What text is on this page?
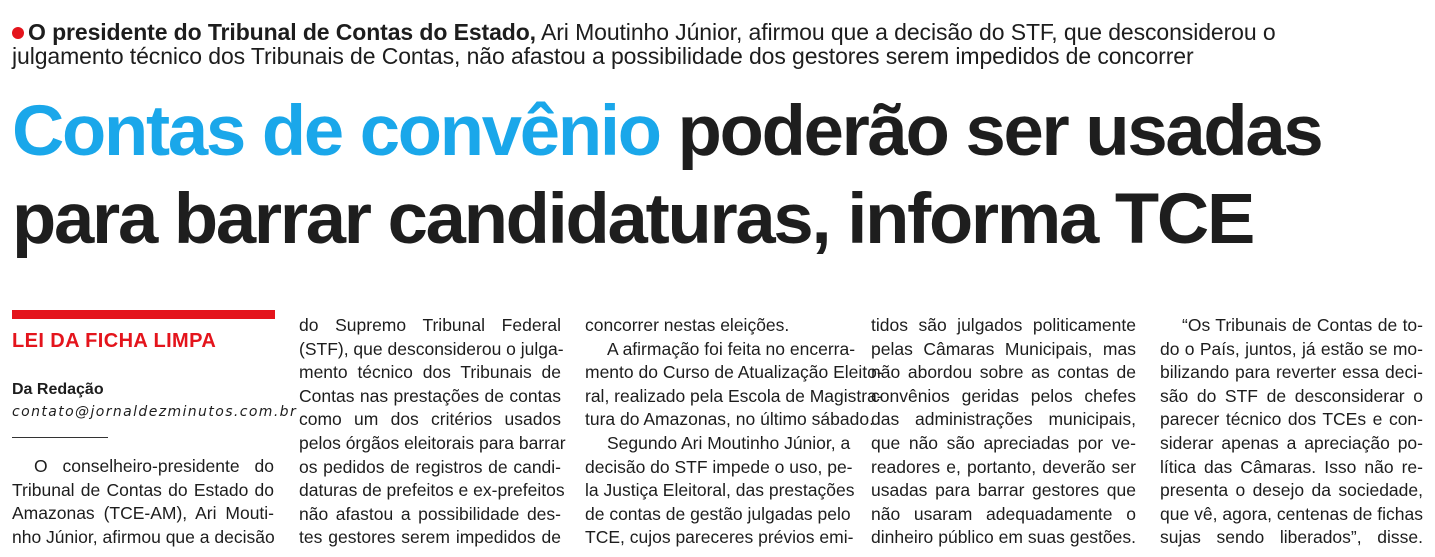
O presidente do Tribunal de Contas do Estado, Ari Moutinho Júnior, afirmou que a decisão do STF, que desconsiderou o
julgamento técnico dos Tribunais de Contas, não afastou a possibilidade dos gestores serem impedidos de concorrer
Contas de convênio poderão ser usadas
para barrar candidaturas, informa TCE
LEI DA FICHA LIMPA
Da Redação
contato@jornaldezminutos.com.br
O conselheiro-presidente do
Tribunal de Contas do Estado do
Amazonas (TCE-AM), Ari Mouti-
nho Júnior, afirmou que a decisão
do Supremo Tribunal Federal
(STF), que desconsiderou o julga-
mento técnico dos Tribunais de
Contas nas prestações de contas
como um dos critérios usados
pelos órgãos eleitorais para barrar
os pedidos de registros de candi-
daturas de prefeitos e ex-prefeitos
não afastou a possibilidade des-
tes gestores serem impedidos de
concorrer nestas eleições.
A afirmação foi feita no encerra-
mento do Curso de Atualização Eleito-
ral, realizado pela Escola de Magistra-
tura do Amazonas, no último sábado.
Segundo Ari Moutinho Júnior, a
decisão do STF impede o uso, pe-
la Justiça Eleitoral, das prestações
de contas de gestão julgadas pelo
TCE, cujos pareceres prévios emi-
tidos são julgados politicamente
pelas Câmaras Municipais, mas
não abordou sobre as contas de
convênios geridas pelos chefes
das administrações municipais,
que não são apreciadas por ve-
readores e, portanto, deverão ser
usadas para barrar gestores que
não usaram adequadamente o
dinheiro público em suas gestões.
“Os Tribunais de Contas de to-
do o País, juntos, já estão se mo-
bilizando para reverter essa deci-
são do STF de desconsiderar o
parecer técnico dos TCEs e con-
siderar apenas a apreciação po-
lítica das Câmaras. Isso não re-
presenta o desejo da sociedade,
que vê, agora, centenas de fichas
sujas sendo liberados”, disse.
